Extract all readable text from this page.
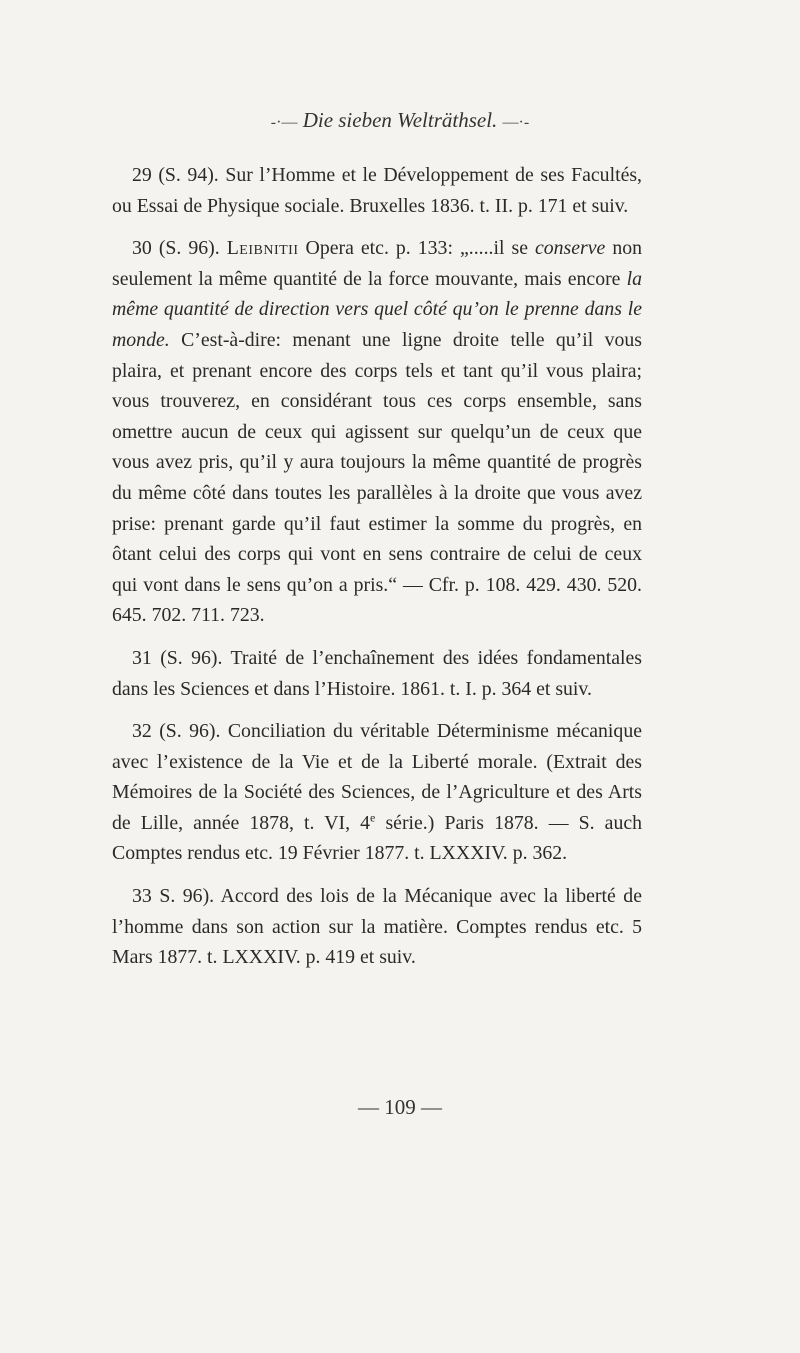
-·— Die sieben Welträthsel. —·-

29 (S. 94). Sur l’Homme et le Développement de ses Facultés, ou Essai de Physique sociale. Bruxelles 1836. t. II. p. 171 et suiv.

30 (S. 96). Leibnitii Opera etc. p. 133: „.....il se conserve non seulement la même quantité de la force mouvante, mais encore la même quantité de direction vers quel côté qu’on le prenne dans le monde. C’est-à-dire: menant une ligne droite telle qu’il vous plaira, et prenant encore des corps tels et tant qu’il vous plaira; vous trouverez, en considérant tous ces corps ensemble, sans omettre aucun de ceux qui agissent sur quelqu’un de ceux que vous avez pris, qu’il y aura toujours la même quantité de progrès du même côté dans toutes les parallèles à la droite que vous avez prise: prenant garde qu’il faut estimer la somme du progrès, en ôtant celui des corps qui vont en sens contraire de celui de ceux qui vont dans le sens qu’on a pris.“ — Cfr. p. 108. 429. 430. 520. 645. 702. 711. 723.

31 (S. 96). Traité de l’enchaînement des idées fondamentales dans les Sciences et dans l’Histoire. 1861. t. I. p. 364 et suiv.

32 (S. 96). Conciliation du véritable Déterminisme mécanique avec l’existence de la Vie et de la Liberté morale. (Extrait des Mémoires de la Société des Sciences, de l’Agriculture et des Arts de Lille, année 1878, t. VI, 4e série.) Paris 1878. — S. auch Comptes rendus etc. 19 Février 1877. t. LXXXIV. p. 362.

33 S. 96). Accord des lois de la Mécanique avec la liberté de l’homme dans son action sur la matière. Comptes rendus etc. 5 Mars 1877. t. LXXXIV. p. 419 et suiv.

— 109 —
